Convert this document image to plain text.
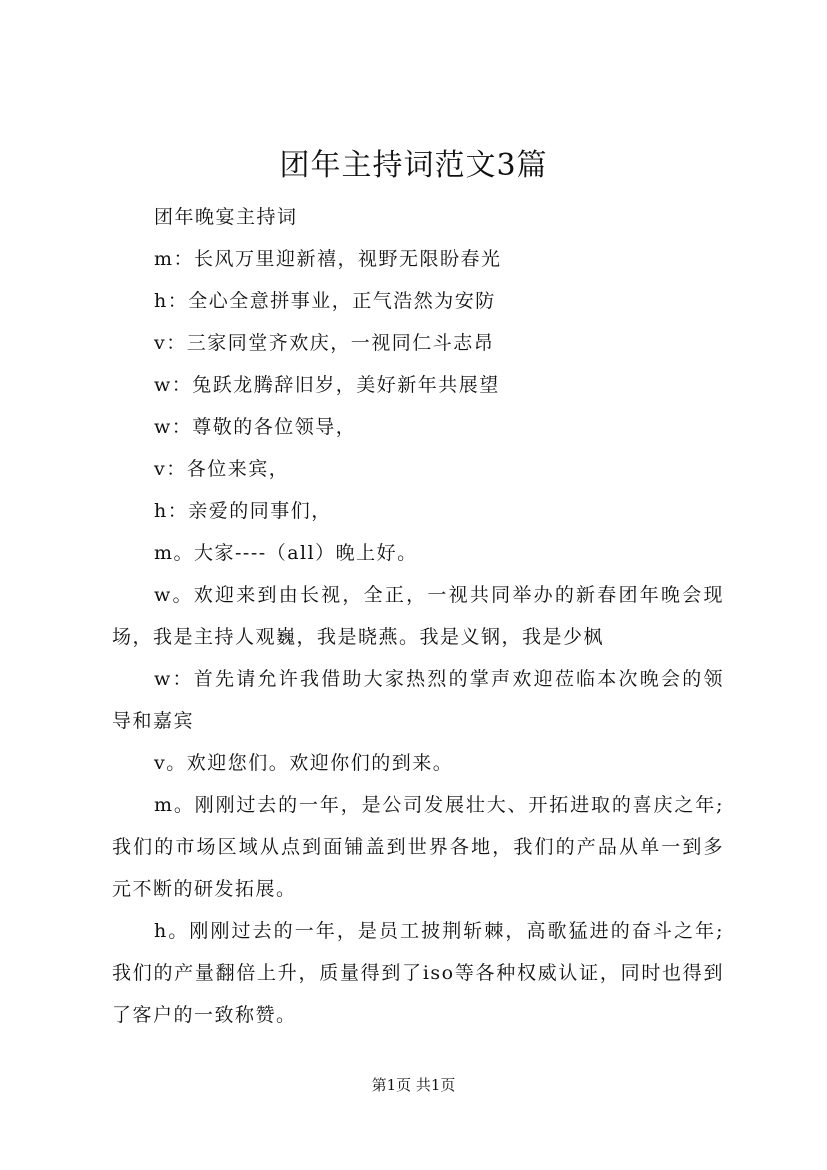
团年主持词范文3篇

团年晚宴主持词

m：长风万里迎新禧，视野无限盼春光

h：全心全意拼事业，正气浩然为安防

v：三家同堂齐欢庆，一视同仁斗志昂

w：兔跃龙腾辞旧岁，美好新年共展望

w：尊敬的各位领导，

v：各位来宾，

h：亲爱的同事们，

m。大家----（all）晚上好。

w。欢迎来到由长视，全正，一视共同举办的新春团年晚会现场，我是主持人观巍，我是晓燕。我是义钢，我是少枫

w：首先请允许我借助大家热烈的掌声欢迎莅临本次晚会的领导和嘉宾

v。欢迎您们。欢迎你们的到来。

m。刚刚过去的一年，是公司发展壮大、开拓进取的喜庆之年;我们的市场区域从点到面铺盖到世界各地，我们的产品从单一到多元不断的研发拓展。

h。刚刚过去的一年，是员工披荆斩棘，高歌猛进的奋斗之年;我们的产量翻倍上升，质量得到了iso等各种权威认证，同时也得到了客户的一致称赞。

第1页 共1页
